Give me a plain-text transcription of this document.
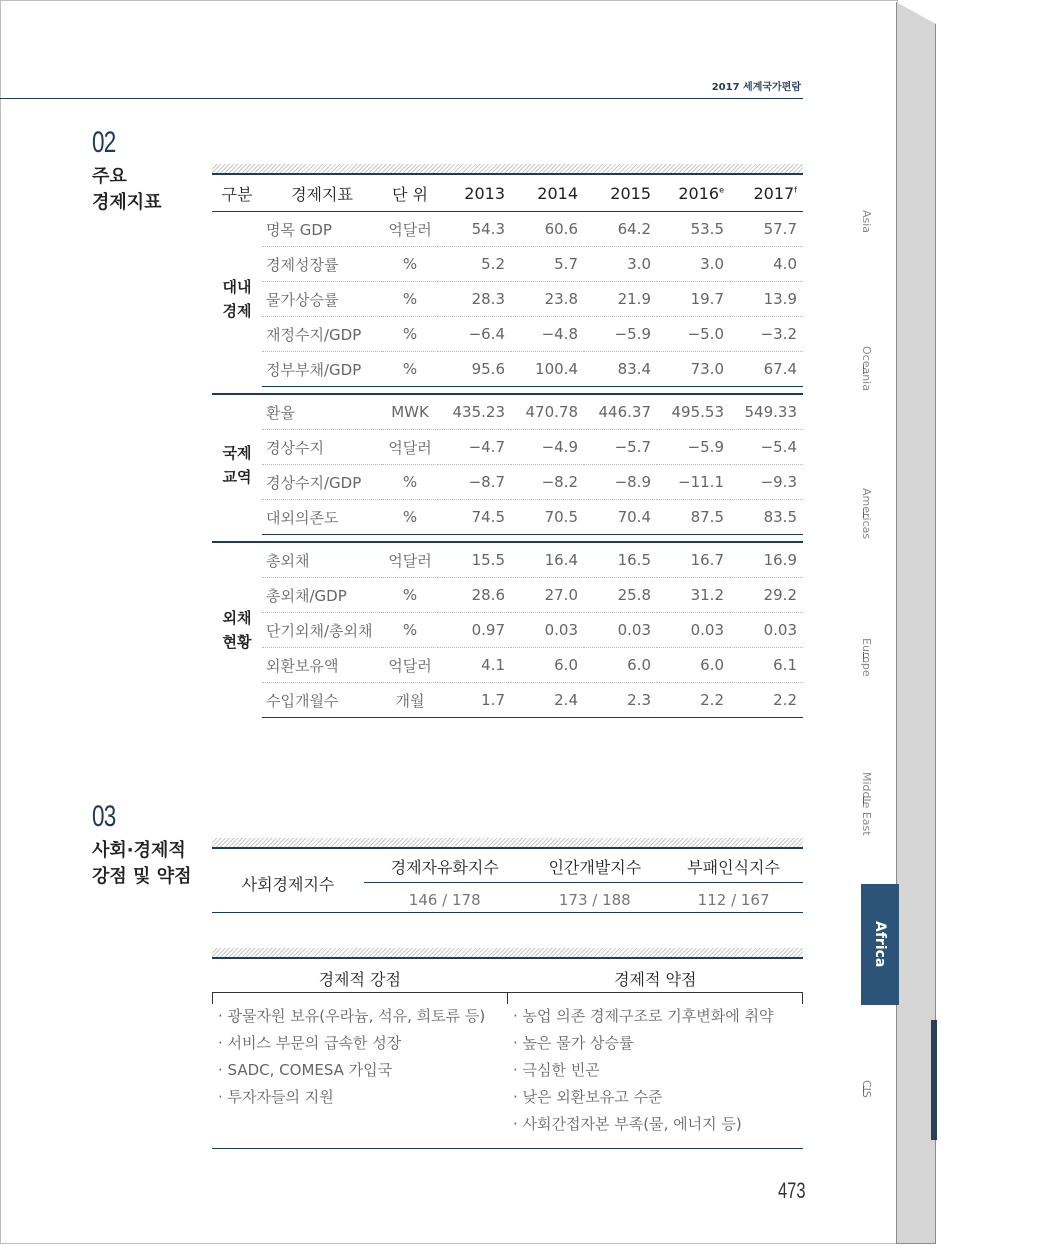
2017 세계국가편람
02
주요
경제지표	구분	경제지표	단 위	2013	2014	2015	2016e	2017$^f$

대내
경제	명목 GDP	억달러	54.3	60.6	64.2	53.5	57.7
	경제성장률	%	5.2	5.7	3.0	3.0	4.0
	물가상승률	%	28.3	23.8	21.9	19.7	13.9
	재정수지/GDP	%	−6.4	−4.8	−5.9	−5.0	−3.2
	정부부채/GDP	%	95.6	100.4	83.4	73.0	67.4

국제
교역	환율	MWK	435.23	470.78	446.37	495.53	549.33
	경상수지	억달러	−4.7	−4.9	−5.7	−5.9	−5.4
	경상수지/GDP	%	−8.7	−8.2	−8.9	−11.1	−9.3
	대외의존도	%	74.5	70.5	70.4	87.5	83.5

외채
현황	총외채	억달러	15.5	16.4	16.5	16.7	16.9
	총외채/GDP	%	28.6	27.0	25.8	31.2	29.2
	단기외채/총외채	%	0.97	0.03	0.03	0.03	0.03
	외환보유액	억달러	4.1	6.0	6.0	6.0	6.1
	수입개월수	개월	1.7	2.4	2.3	2.2	2.2
03
사회·경제적
강점 및 약점	사회경제지수	경제자유화지수	인간개발지수	부패인식지수
	146 / 178	173 / 188	112 / 167
경제적 강점	경제적 약점
· 광물자원 보유(우라늄, 석유, 희토류 등)
· 서비스 부문의 급속한 성장
· SADC, COMESA 가입국
· 투자자들의 지원
· 농업 의존 경제구조로 기후변화에 취약
· 높은 물가 상승률
· 극심한 빈곤
· 낮은 외환보유고 수준
· 사회간접자본 부족(물, 에너지 등)
473
Asia
Oceania
Americas
Europe
Middle East
Africa
CIS
